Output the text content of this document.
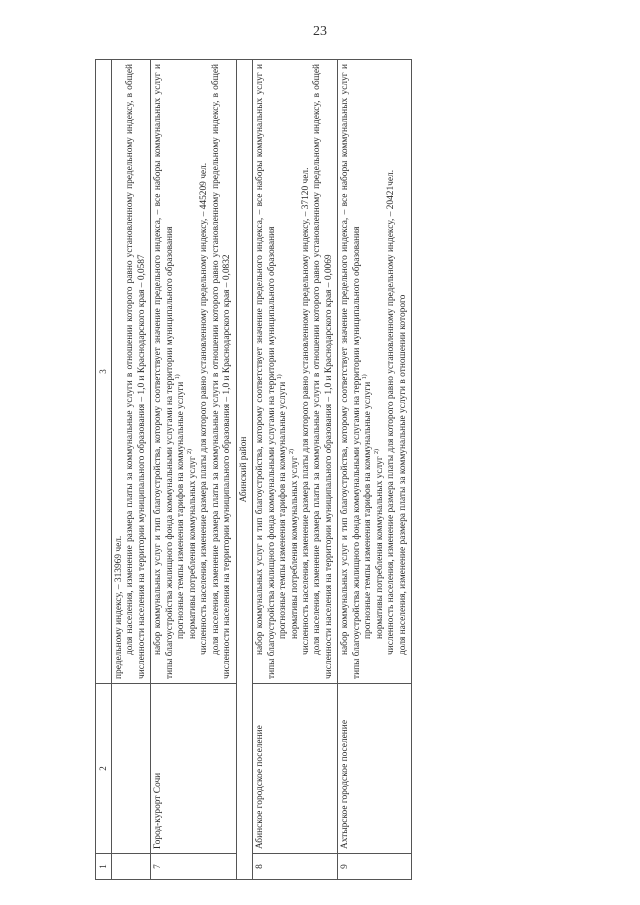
23
1	2	3

		предельному индексу, – 313969 чел. доля населения, изменение размера платы за коммунальные услуги в отношении которого равно установленному предельному индексу, в общей численности населения на территории муниципального образования – 1,0 и Краснодарского края – 0,0587

7	Город-курорт Сочи	набор коммунальных услуг и тип благоустройства, которому соответствует значение предельного индекса, – все наборы коммунальных услуг и типы благоустройства жилищного фонда коммунальными услугами на территории муниципального образования прогнозные темпы изменения тарифов на коммунальные услуги $^{1)}$

нормативы потребления коммунальных услуг $^{2)}$ численность населения, изменение размера платы для которого равно установленному предельному индексу, – 445209 чел. доля населения, изменение размера платы за коммунальные услуги в отношении которого равно установленному предельному индексу, в общей численности населения на территории муниципального образования – 1,0 и Краснодарского края – 0,0832

Абинский район		
8	Абинское городское поселение	набор коммунальных услуг и тип благоустройства, которому соответствует значение предельного индекса, – все наборы коммунальных услуг и типы благоустройства жилищного фонда коммунальными услугами на территории муниципального образования прогнозные темпы изменения тарифов на коммунальные услуги $^{1)}$

нормативы потребления коммунальных услуг $^{2)}$ численность населения, изменение размера платы для которого равно установленному предельному индексу, – 37120 чел. доля населения, изменение размера платы за коммунальные услуги в отношении которого равно установленному предельному индексу, в общей численности населения на территории муниципального образования – 1,0 и Краснодарского края – 0,0069

9	Ахтырское городское поселение	набор коммунальных услуг и тип благоустройства, которому соответствует значение предельного индекса, – все наборы коммунальных услуг и типы благоустройства жилищного фонда коммунальными услугами на территории муниципального образования прогнозные темпы изменения тарифов на коммунальные услуги $^{1)}$

нормативы потребления коммунальных услуг $^{2)}$ численность населения, изменение размера платы для которого равно установленному предельному индексу, – 20421чел. доля населения, изменение размера платы за коммунальные услуги в отношении которого
